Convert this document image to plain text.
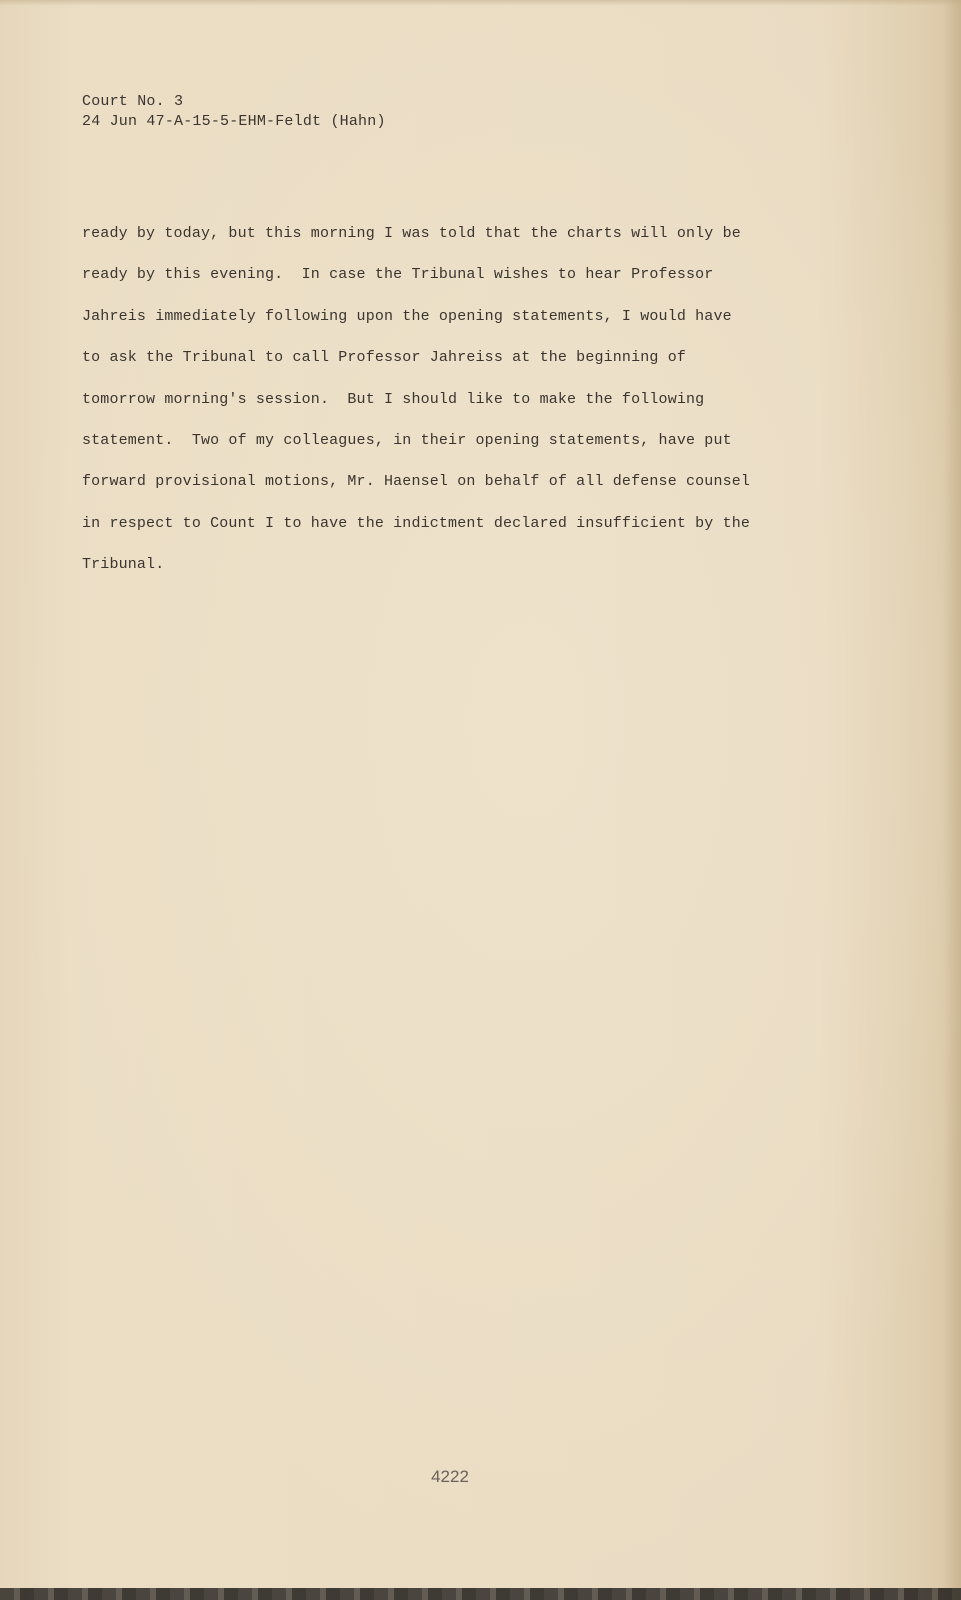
Court No. 3
24 Jun 47-A-15-5-EHM-Feldt (Hahn)
ready by today, but this morning I was told that the charts will only be
ready by this evening.  In case the Tribunal wishes to hear Professor
Jahreis immediately following upon the opening statements, I would have
to ask the Tribunal to call Professor Jahreiss at the beginning of
tomorrow morning's session.  But I should like to make the following
statement.  Two of my colleagues, in their opening statements, have put
forward provisional motions, Mr. Haensel on behalf of all defense counsel
in respect to Count I to have the indictment declared insufficient by the
Tribunal.
4222
